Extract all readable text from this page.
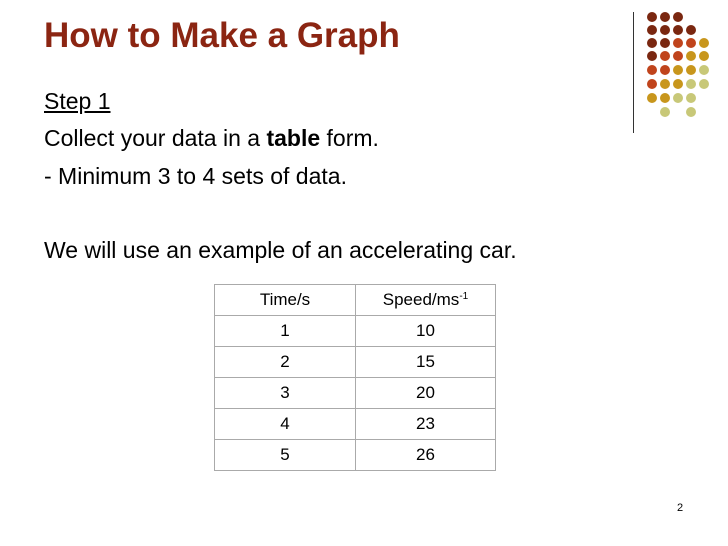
How to Make a Graph
Step 1
Collect your data in a table form.
- Minimum 3 to 4 sets of data.
We will use an example of an accelerating car.
Time/s	Speed/$ms^{-1}$
1	10
2	15
3	20
4	23
5	26
2
